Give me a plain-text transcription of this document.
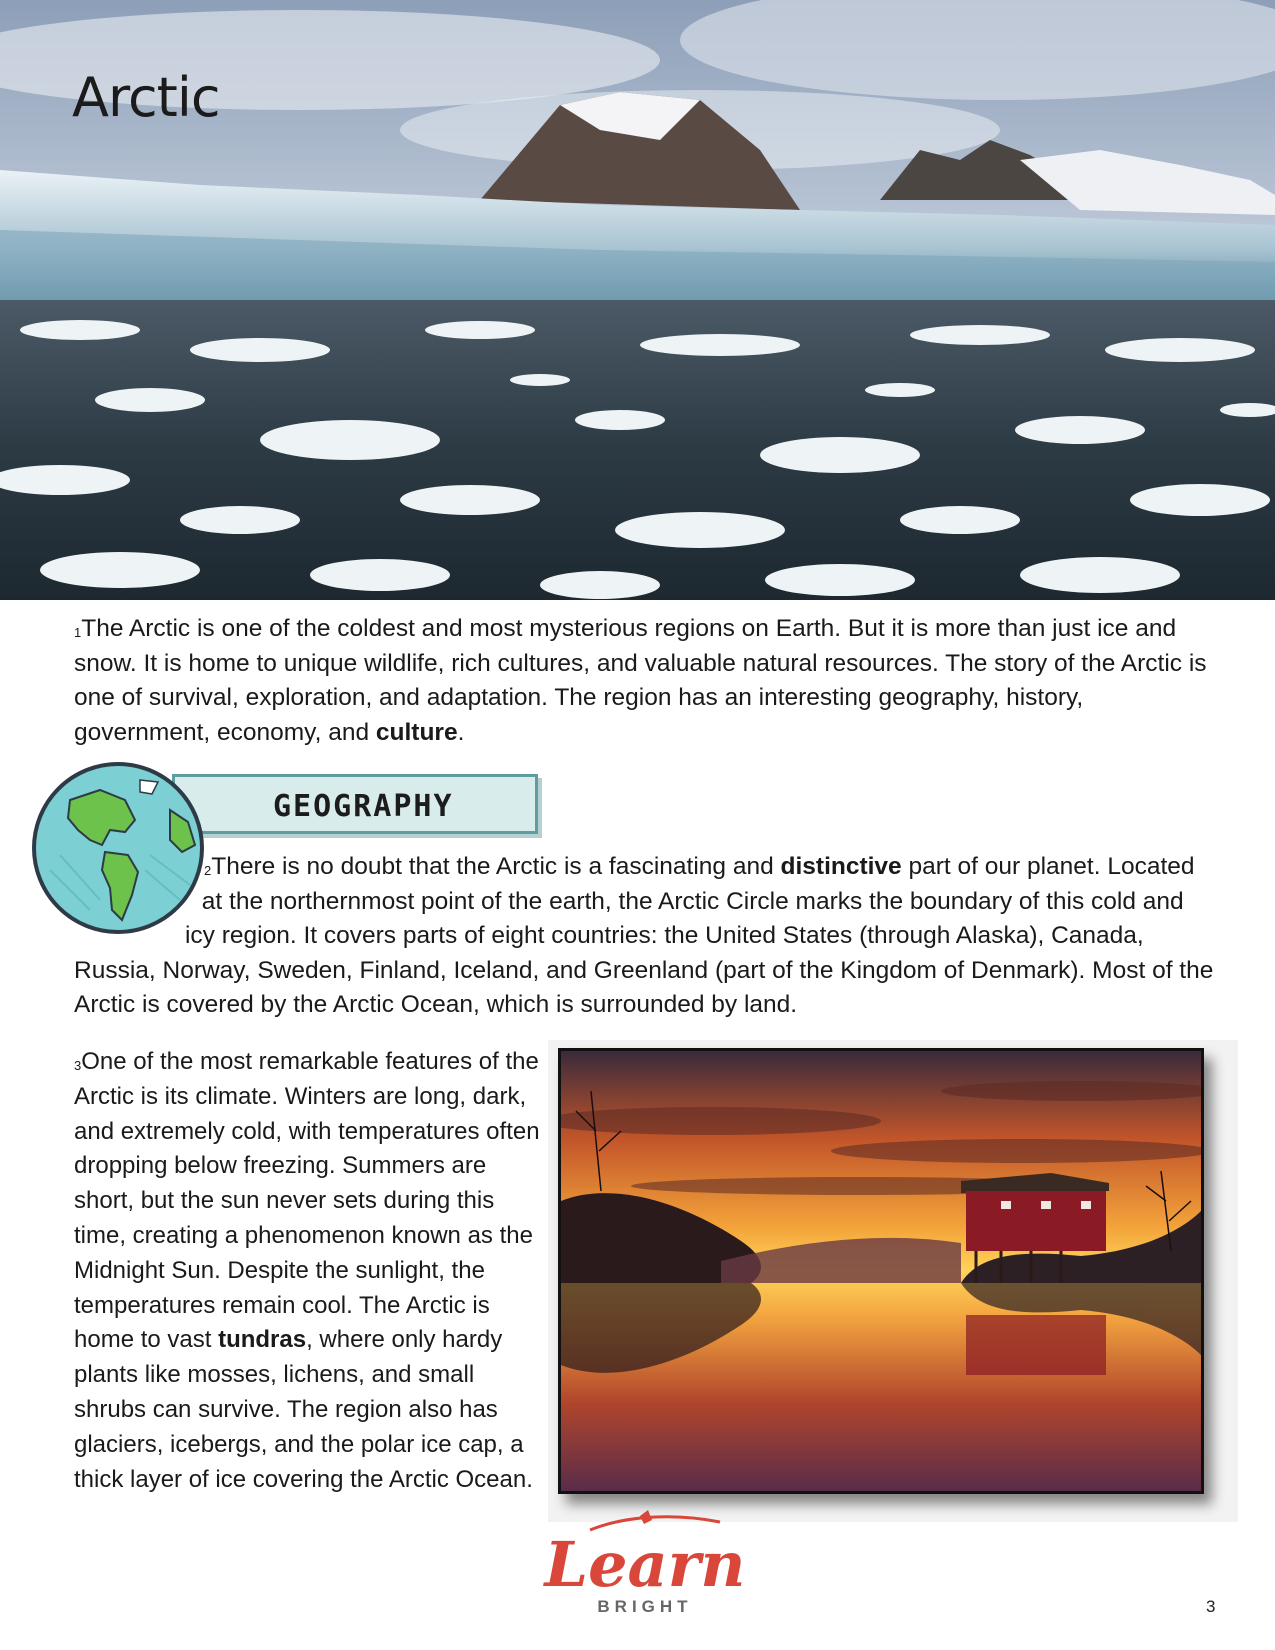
Arctic

$^1$The Arctic is one of the coldest and most mysterious regions on Earth. But it is more than just ice and snow. It is home to unique wildlife, rich cultures, and valuable natural resources. The story of the Arctic is one of survival, exploration, and adaptation. The region has an interesting geography, history, government, economy, and culture.

GEOGRAPHY

$^2$There is no doubt that the Arctic is a fascinating and distinctive part of our planet. Located at the northernmost point of the earth, the Arctic Circle marks the boundary of this cold and icy region. It covers parts of eight countries: the United States (through Alaska), Canada, Russia, Norway, Sweden, Finland, Iceland, and Greenland (part of the Kingdom of Denmark). Most of the Arctic is covered by the Arctic Ocean, which is surrounded by land.

$^3$One of the most remarkable features of the Arctic is its climate. Winters are long, dark, and extremely cold, with temperatures often dropping below freezing. Summers are short, but the sun never sets during this time, creating a phenomenon known as the Midnight Sun. Despite the sunlight, the temperatures remain cool. The Arctic is home to vast tundras, where only hardy plants like mosses, lichens, and small shrubs can survive. The region also has glaciers, icebergs, and the polar ice cap, a thick layer of ice covering the Arctic Ocean.

Learn
BRIGHT	3
